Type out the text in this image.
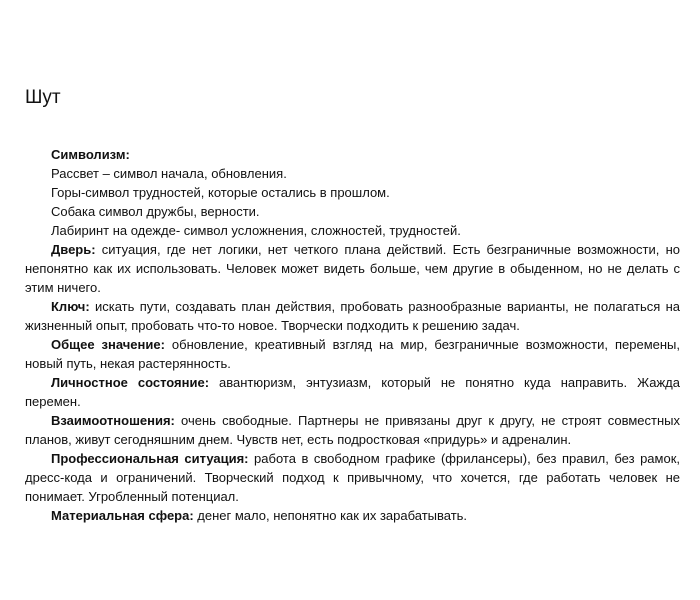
Шут

Символизм:

Рассвет – символ начала, обновления.

Горы-символ трудностей, которые остались в прошлом.

Собака символ дружбы, верности.

Лабиринт на одежде- символ усложнения, сложностей, трудностей.

Дверь: ситуация, где нет логики, нет четкого плана действий. Есть безграничные возможности, но непонятно как их использовать. Человек может видеть больше, чем другие в обыденном, но не делать с этим ничего.

Ключ: искать пути, создавать план действия, пробовать разнообразные варианты, не полагаться на жизненный опыт, пробовать что-то новое. Творчески подходить к решению задач.

Общее значение: обновление, креативный взгляд на мир, безграничные возможности, перемены, новый путь, некая растерянность.

Личностное состояние: авантюризм, энтузиазм, который не понятно куда направить. Жажда перемен.

Взаимоотношения: очень свободные. Партнеры не привязаны друг к другу, не строят совместных планов, живут сегодняшним днем. Чувств нет, есть подростковая «придурь» и адреналин.

Профессиональная ситуация: работа в свободном графике (фрилансеры), без правил, без рамок, дресс-кода и ограничений. Творческий подход к привычному, что хочется, где работать человек не понимает. Угробленный потенциал.

Материальная сфера: денег мало, непонятно как их зарабатывать.
